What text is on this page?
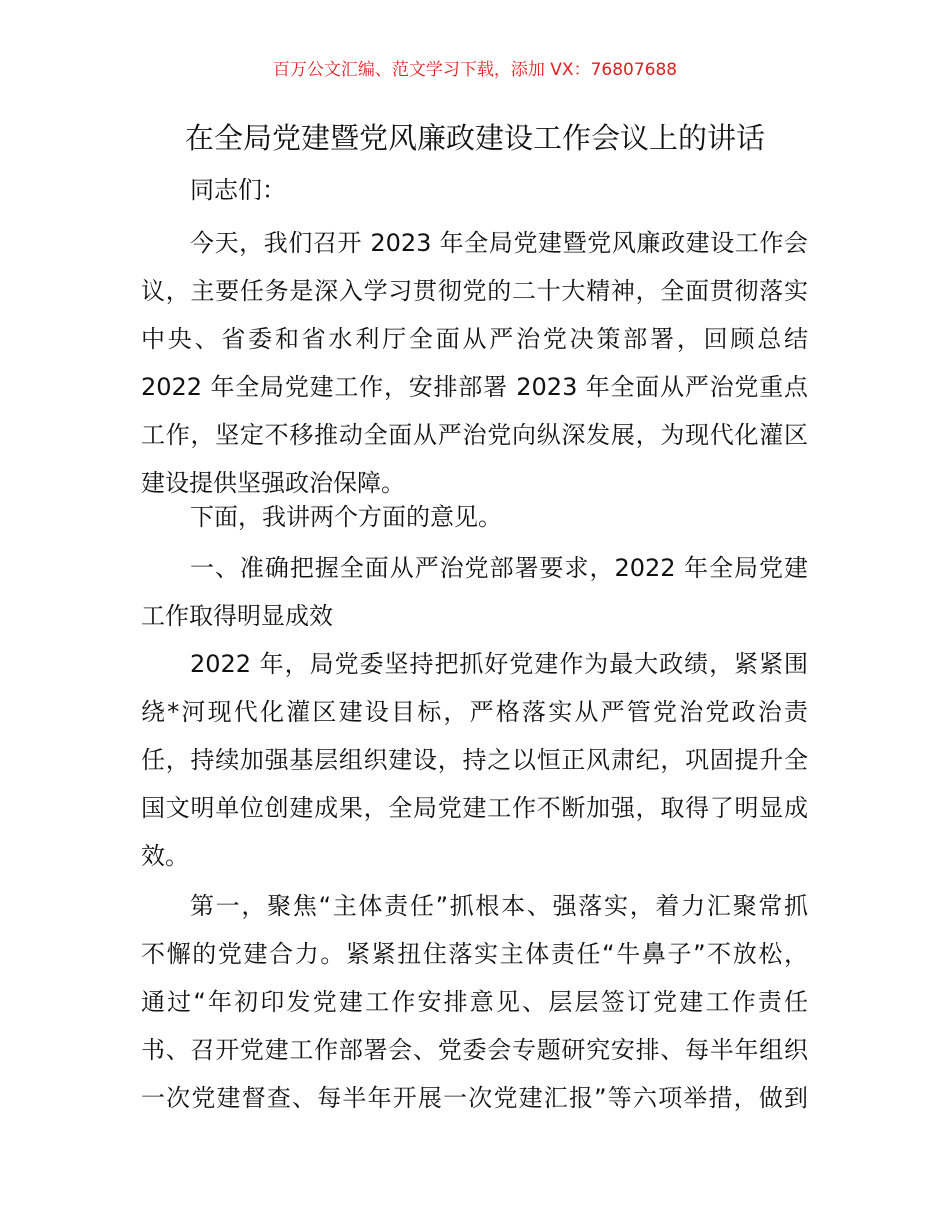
百万公文汇编、范文学习下载，添加 VX：76807688
在全局党建暨党风廉政建设工作会议上的讲话
同志们：
今天，我们召开 2023 年全局党建暨党风廉政建设工作会
议，主要任务是深入学习贯彻党的二十大精神，全面贯彻落实
中央、省委和省水利厅全面从严治党决策部署，回顾总结
2022 年全局党建工作，安排部署 2023 年全面从严治党重点
工作，坚定不移推动全面从严治党向纵深发展，为现代化灌区
建设提供坚强政治保障。
下面，我讲两个方面的意见。
一、准确把握全面从严治党部署要求，2022 年全局党建
工作取得明显成效
2022 年，局党委坚持把抓好党建作为最大政绩，紧紧围
绕*河现代化灌区建设目标，严格落实从严管党治党政治责
任，持续加强基层组织建设，持之以恒正风肃纪，巩固提升全
国文明单位创建成果，全局党建工作不断加强，取得了明显成
效。
第一，聚焦“主体责任”抓根本、强落实，着力汇聚常抓
不懈的党建合力。紧紧扭住落实主体责任“牛鼻子”不放松，
通过“年初印发党建工作安排意见、层层签订党建工作责任
书、召开党建工作部署会、党委会专题研究安排、每半年组织
一次党建督查、每半年开展一次党建汇报”等六项举措，做到
